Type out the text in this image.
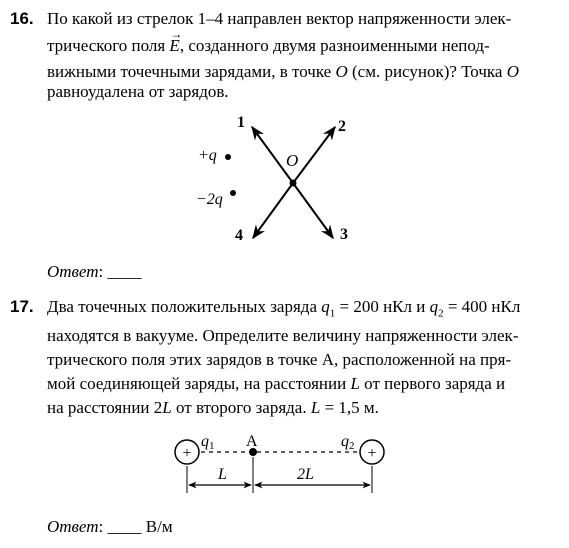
16. По какой из стрелок 1–4 направлен вектор напряженности элек-
трического поля
→
E, созданного двумя разноименными непод-
вижными точечными зарядами, в точке O (см. рисунок)? Точка O
равноудалена от зарядов.
1	2
3
4
O
+q
−2q
+	+
А
q1	q2
L	2L
Ответ: ____
17. Два точечных положительных заряда $q_1 = 200$ нКл и $q_2 = 400$ нКл
находятся в вакууме. Определите величину напряженности элек-
трического поля этих зарядов в точке А, расположенной на пря-
мой соединяющей заряды, на расстоянии L от первого заряда и
на расстоянии 2L от второго заряда. L = 1,5 м.
Ответ: ____ В/м
